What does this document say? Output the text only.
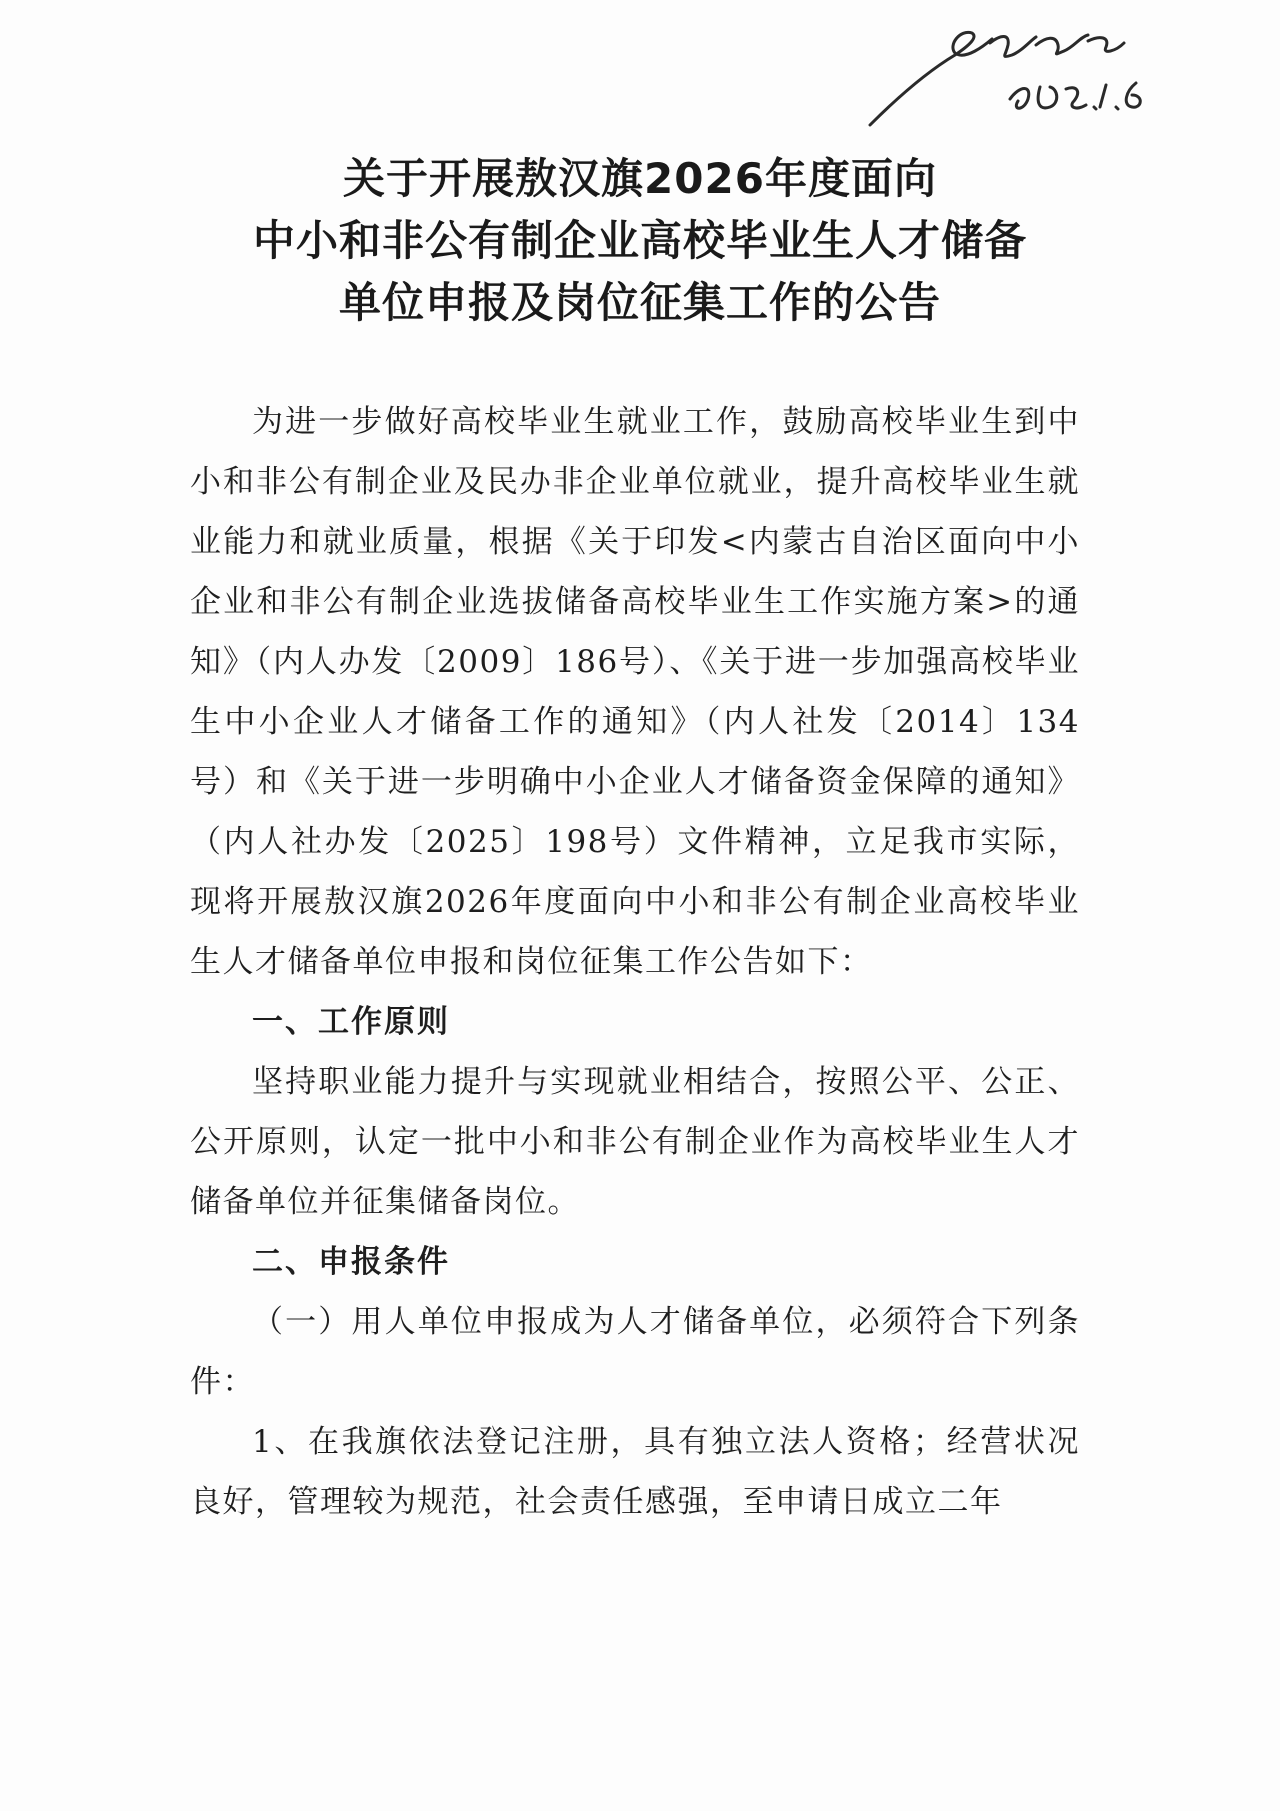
关于开展敖汉旗2026年度面向
中小和非公有制企业高校毕业生人才储备
单位申报及岗位征集工作的公告

为进一步做好高校毕业生就业工作，鼓励高校毕业生到中小和非公有制企业及民办非企业单位就业，提升高校毕业生就业能力和就业质量，根据《关于印发<内蒙古自治区面向中小企业和非公有制企业选拔储备高校毕业生工作实施方案>的通知》（内人办发〔2009〕186号）、《关于进一步加强高校毕业生中小企业人才储备工作的通知》（内人社发〔2014〕134号）和《关于进一步明确中小企业人才储备资金保障的通知》（内人社办发〔2025〕198号）文件精神，立足我市实际，现将开展敖汉旗2026年度面向中小和非公有制企业高校毕业生人才储备单位申报和岗位征集工作公告如下：

一、工作原则

坚持职业能力提升与实现就业相结合，按照公平、公正、公开原则，认定一批中小和非公有制企业作为高校毕业生人才储备单位并征集储备岗位。

二、申报条件

（一）用人单位申报成为人才储备单位，必须符合下列条件：

1、在我旗依法登记注册，具有独立法人资格；经营状况良好，管理较为规范，社会责任感强，至申请日成立二年
